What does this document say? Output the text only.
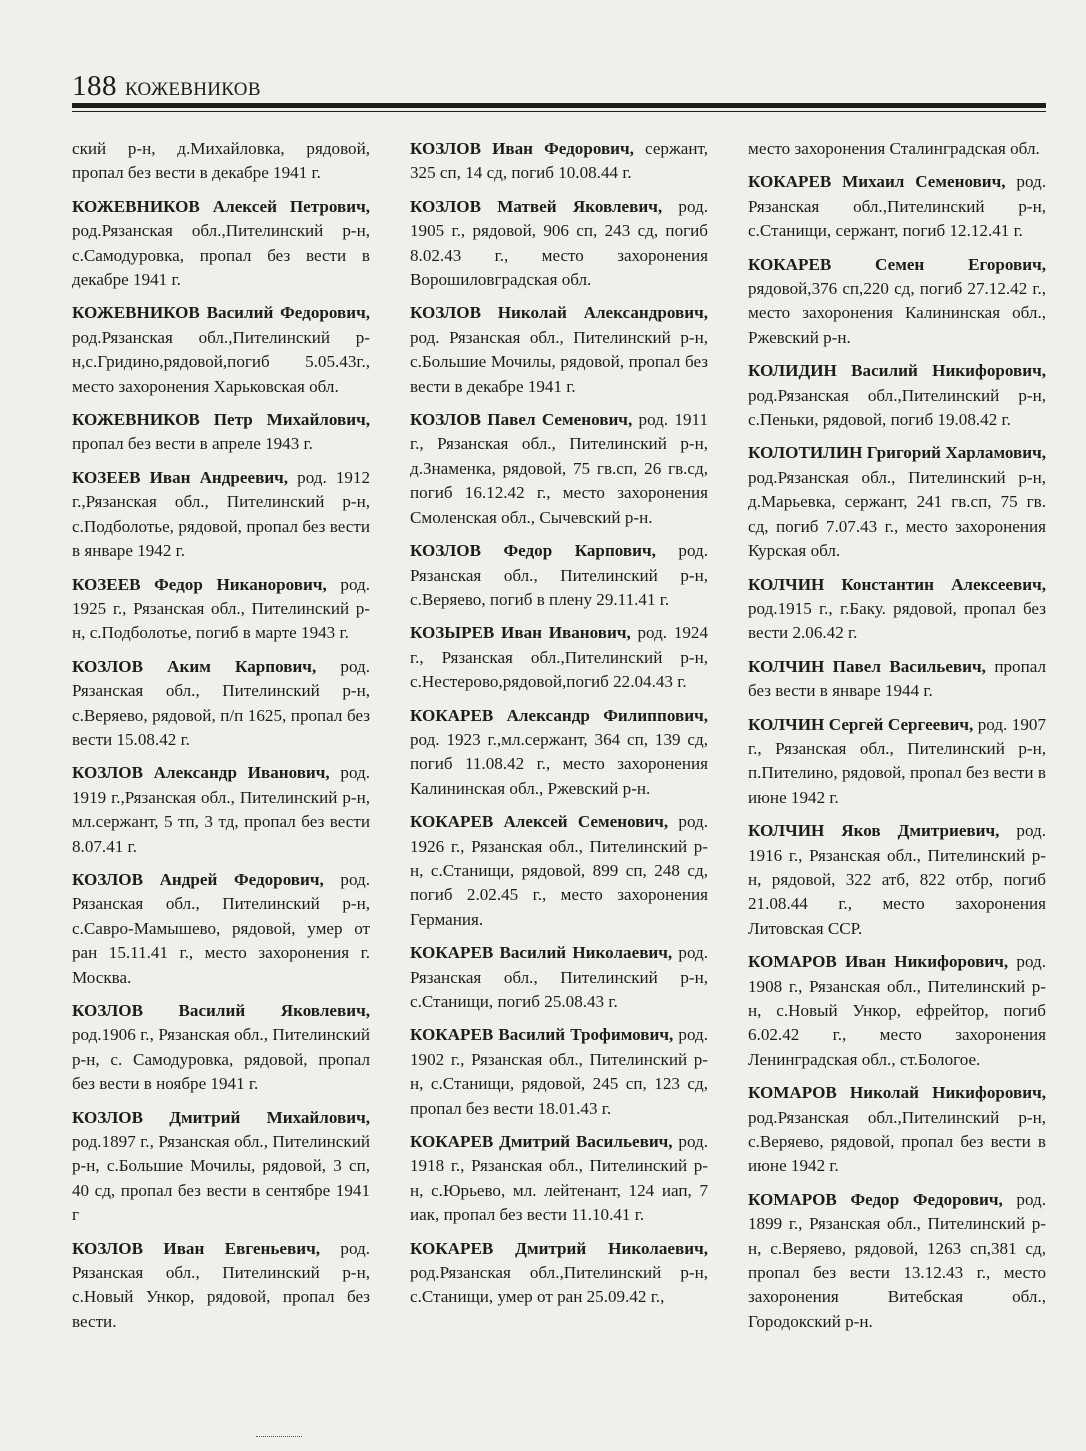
188 КОЖЕВНИКОВ

ский р-н, д.Михайловка, рядовой, пропал без вести в декабре 1941 г.

КОЖЕВНИКОВ Алексей Петрович, род.Рязанская обл.,Пителинский р-н, с.Самодуровка, пропал без вести в декабре 1941 г.

КОЖЕВНИКОВ Василий Федорович, род.Рязанская обл.,Пителинский р-н,с.Гридино,рядовой,погиб 5.05.43г., место захоронения Харьковская обл.

КОЖЕВНИКОВ Петр Михайлович, пропал без вести в апреле 1943 г.

КОЗЕЕВ Иван Андреевич, род. 1912 г.,Рязанская обл., Пителинский р-н, с.Подболотье, рядовой, пропал без вести в январе 1942 г.

КОЗЕЕВ Федор Никанорович, род. 1925 г., Рязанская обл., Пителинский р-н, с.Подболотье, погиб в марте 1943 г.

КОЗЛОВ Аким Карпович, род. Рязанская обл., Пителинский р-н, с.Веряево, рядовой, п/п 1625, пропал без вести 15.08.42 г.

КОЗЛОВ Александр Иванович, род. 1919 г.,Рязанская обл., Пителинский р-н, мл.сержант, 5 тп, 3 тд, пропал без вести 8.07.41 г.

КОЗЛОВ Андрей Федорович, род. Рязанская обл., Пителинский р-н, с.Савро-Мамышево, рядовой, умер от ран 15.11.41 г., место захоронения г. Москва.

КОЗЛОВ Василий Яковлевич, род.1906 г., Рязанская обл., Пителинский р-н, с. Самодуровка, рядовой, пропал без вести в ноябре 1941 г.

КОЗЛОВ Дмитрий Михайлович, род.1897 г., Рязанская обл., Пителинский р-н, с.Большие Мочилы, рядовой, 3 сп, 40 сд, пропал без вести в сентябре 1941 г

КОЗЛОВ Иван Евгеньевич, род. Рязанская обл., Пителинский р-н, с.Новый Ункор, рядовой, пропал без вести.

КОЗЛОВ Иван Федорович, сержант, 325 сп, 14 сд, погиб 10.08.44 г.

КОЗЛОВ Матвей Яковлевич, род. 1905 г., рядовой, 906 сп, 243 сд, погиб 8.02.43 г., место захоронения Ворошиловградская обл.

КОЗЛОВ Николай Александрович, род. Рязанская обл., Пителинский р-н, с.Большие Мочилы, рядовой, пропал без вести в декабре 1941 г.

КОЗЛОВ Павел Семенович, род. 1911 г., Рязанская обл., Пителинский р-н, д.Знаменка, рядовой, 75 гв.сп, 26 гв.сд, погиб 16.12.42 г., место захоронения Смоленская обл., Сычевский р-н.

КОЗЛОВ Федор Карпович, род. Рязанская обл., Пителинский р-н, с.Веряево, погиб в плену 29.11.41 г.

КОЗЫРЕВ Иван Иванович, род. 1924 г., Рязанская обл.,Пителинский р-н, с.Нестерово,рядовой,погиб 22.04.43 г.

КОКАРЕВ Александр Филиппович, род. 1923 г.,мл.сержант, 364 сп, 139 сд, погиб 11.08.42 г., место захоронения Калининская обл., Ржевский р-н.

КОКАРЕВ Алексей Семенович, род. 1926 г., Рязанская обл., Пителинский р-н, с.Станищи, рядовой, 899 сп, 248 сд, погиб 2.02.45 г., место захоронения Германия.

КОКАРЕВ Василий Николаевич, род. Рязанская обл., Пителинский р-н, с.Станищи, погиб 25.08.43 г.

КОКАРЕВ Василий Трофимович, род. 1902 г., Рязанская обл., Пителинский р-н, с.Станищи, рядовой, 245 сп, 123 сд, пропал без вести 18.01.43 г.

КОКАРЕВ Дмитрий Васильевич, род. 1918 г., Рязанская обл., Пителинский р-н, с.Юрьево, мл. лейтенант, 124 иап, 7 иак, пропал без вести 11.10.41 г.

КОКАРЕВ Дмитрий Николаевич, род.Рязанская обл.,Пителинский р-н, с.Станищи, умер от ран 25.09.42 г.,

место захоронения Сталинградская обл.

КОКАРЕВ Михаил Семенович, род. Рязанская обл.,Пителинский р-н, с.Станищи, сержант, погиб 12.12.41 г.

КОКАРЕВ Семен Егорович, рядовой,376 сп,220 сд, погиб 27.12.42 г., место захоронения Калининская обл., Ржевский р-н.

КОЛИДИН Василий Никифорович, род.Рязанская обл.,Пителинский р-н, с.Пеньки, рядовой, погиб 19.08.42 г.

КОЛОТИЛИН Григорий Харламович, род.Рязанская обл., Пителинский р-н, д.Марьевка, сержант, 241 гв.сп, 75 гв. сд, погиб 7.07.43 г., место захоронения Курская обл.

КОЛЧИН Константин Алексеевич, род.1915 г., г.Баку. рядовой, пропал без вести 2.06.42 г.

КОЛЧИН Павел Васильевич, пропал без вести в январе 1944 г.

КОЛЧИН Сергей Сергеевич, род. 1907 г., Рязанская обл., Пителинский р-н, п.Пителино, рядовой, пропал без вести в июне 1942 г.

КОЛЧИН Яков Дмитриевич, род. 1916 г., Рязанская обл., Пителинский р-н, рядовой, 322 атб, 822 отбр, погиб 21.08.44 г., место захоронения Литовская ССР.

КОМАРОВ Иван Никифорович, род. 1908 г., Рязанская обл., Пителинский р-н, с.Новый Ункор, ефрейтор, погиб 6.02.42 г., место захоронения Ленинградская обл., ст.Бологое.

КОМАРОВ Николай Никифорович, род.Рязанская обл.,Пителинский р-н, с.Веряево, рядовой, пропал без вести в июне 1942 г.

КОМАРОВ Федор Федорович, род. 1899 г., Рязанская обл., Пителинский р-н, с.Веряево, рядовой, 1263 сп,381 сд, пропал без вести 13.12.43 г., место захоронения Витебская обл., Городокский р-н.
